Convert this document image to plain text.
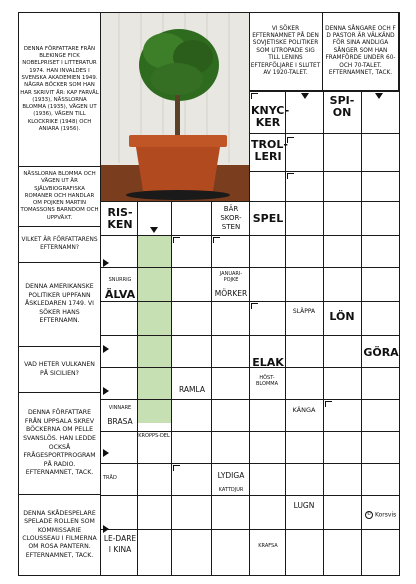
DENNA FÖRFATTARE FRÅN BLEKINGE FICK NOBELPRISET I LITTERATUR 1974. HAN INVALDES I SVENSKA AKADEMIEN 1949. NÅGRA BÖCKER SOM HAN HAR SKRIVIT ÄR: KAP FARVÄL (1933), NÄSSLORNA BLOMMA (1935), VÄGEN UT (1936), VÄGEN TILL KLOCKRIKE (1948) OCH ANIARA (1956).
NÄSSLORNA BLOMMA OCH VÄGEN UT ÄR SJÄLVBIOGRAFISKA ROMANER OCH HANDLAR OM POJKEN MARTIN TOMASSONS BARNDOM OCH UPPVÄXT.
VILKET ÄR FÖRFATTARENS EFTERNAMN?
VI SÖKER EFTERNAMNET PÅ DEN SOVJETISKE POLITIKER SOM UTROPADE SIG TILL LENINS EFTERFÖLJARE I SLUTET AV 1920-TALET.
DENNA SÅNGARE OCH F D PASTOR ÄR VÄLKÄND FÖR SINA ANDLIGA SÅNGER SOM HAN FRAMFÖRDE UNDER 60- OCH 70-TALET. EFTERNAMNET, TACK.
DENNA AMERIKANSKE POLITIKER UPPFANN ÅSKLEDAREN 1749. VI SÖKER HANS EFTERNAMN.
VAD HETER VULKANEN PÅ SICILIEN?
DENNA FÖRFATTARE FRÅN UPPSALA SKREV BÖCKERNA OM PELLE SVANSLÖS. HAN LEDDE OCKSÅ FRÅGESPORTPROGRAM PÅ RADIO. EFTERNAMNET, TACK.
DENNA SKÅDESPELARE SPELADE ROLLEN SOM KOMMISSARIE CLOUSSEAU I FILMERNA OM ROSA PANTERN. EFTERNAMNET, TACK.
KNYC-KER
SPI-ON
TROL-LERI
RIS-KEN
BÄR SKOR-STEN
SPEL
SNURRIG
ÄLVA
JANUARI-POJKE
MÖRKER
SLÄPPA	LÖN
GÖRA
ELAK
HÖST-BLOMMA
RAMLA
VINNARE
BRASA
KÄNGA
KROPPS-DEL
LYDIGA
KATTDJUR
TRÅD
LUGN
LE-DARE I KINA	KRAFSA
© Korsvis
